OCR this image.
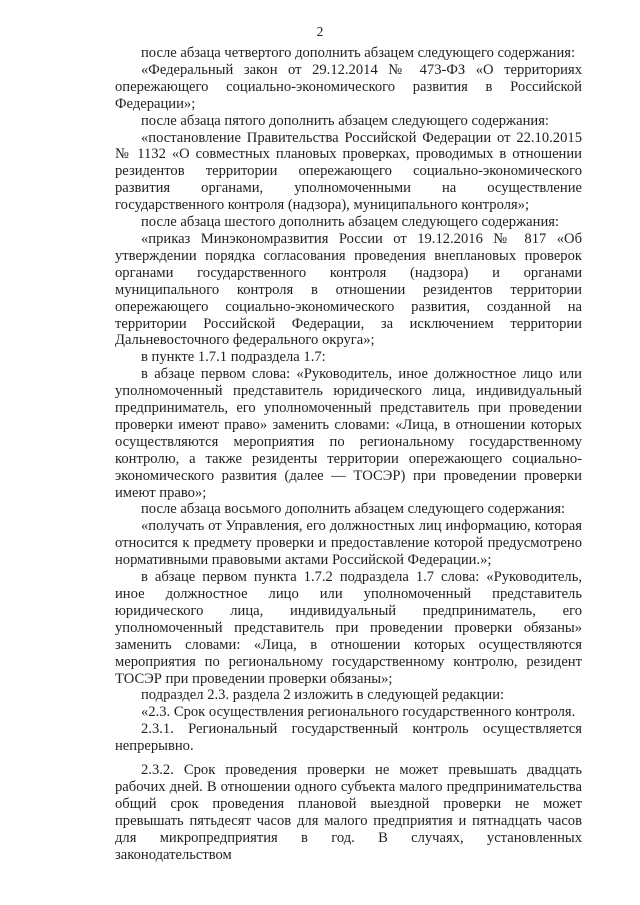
2

после абзаца четвертого дополнить абзацем следующего содержания:

«Федеральный закон от 29.12.2014 № 473-ФЗ «О территориях опережающего социально-экономического развития в Российской Федерации»;

после абзаца пятого дополнить абзацем следующего содержания:

«постановление Правительства Российской Федерации от 22.10.2015 № 1132 «О совместных плановых проверках, проводимых в отношении резидентов территории опережающего социально-экономического развития органами, уполномоченными на осуществление государственного контроля (надзора), муниципального контроля»;

после абзаца шестого дополнить абзацем следующего содержания:

«приказ Минэкономразвития России от 19.12.2016 № 817 «Об утверждении порядка согласования проведения внеплановых проверок органами государственного контроля (надзора) и органами муниципального контроля в отношении резидентов территории опережающего социально-экономического развития, созданной на территории Российской Федерации, за исключением территории Дальневосточного федерального округа»;

в пункте 1.7.1 подраздела 1.7:

в абзаце первом слова: «Руководитель, иное должностное лицо или уполномоченный представитель юридического лица, индивидуальный предприниматель, его уполномоченный представитель при проведении проверки имеют право» заменить словами: «Лица, в отношении которых осуществляются мероприятия по региональному государственному контролю, а также резиденты территории опережающего социально-экономического развития (далее — ТОСЭР) при проведении проверки имеют право»;

после абзаца восьмого дополнить абзацем следующего содержания:

«получать от Управления, его должностных лиц информацию, которая относится к предмету проверки и предоставление которой предусмотрено нормативными правовыми актами Российской Федерации.»;

в абзаце первом пункта 1.7.2 подраздела 1.7 слова: «Руководитель, иное должностное лицо или уполномоченный представитель юридического лица, индивидуальный предприниматель, его уполномоченный представитель при проведении проверки обязаны» заменить словами: «Лица, в отношении которых осуществляются мероприятия по региональному государственному контролю, резидент ТОСЭР при проведении проверки обязаны»;

подраздел 2.3. раздела 2 изложить в следующей редакции:

«2.3. Срок осуществления регионального государственного контроля.

2.3.1. Региональный государственный контроль осуществляется непрерывно.

2.3.2. Срок проведения проверки не может превышать двадцать рабочих дней. В отношении одного субъекта малого предпринимательства общий срок проведения плановой выездной проверки не может превышать пятьдесят часов для малого предприятия и пятнадцать часов для микропредприятия в год. В случаях, установленных законодательством
